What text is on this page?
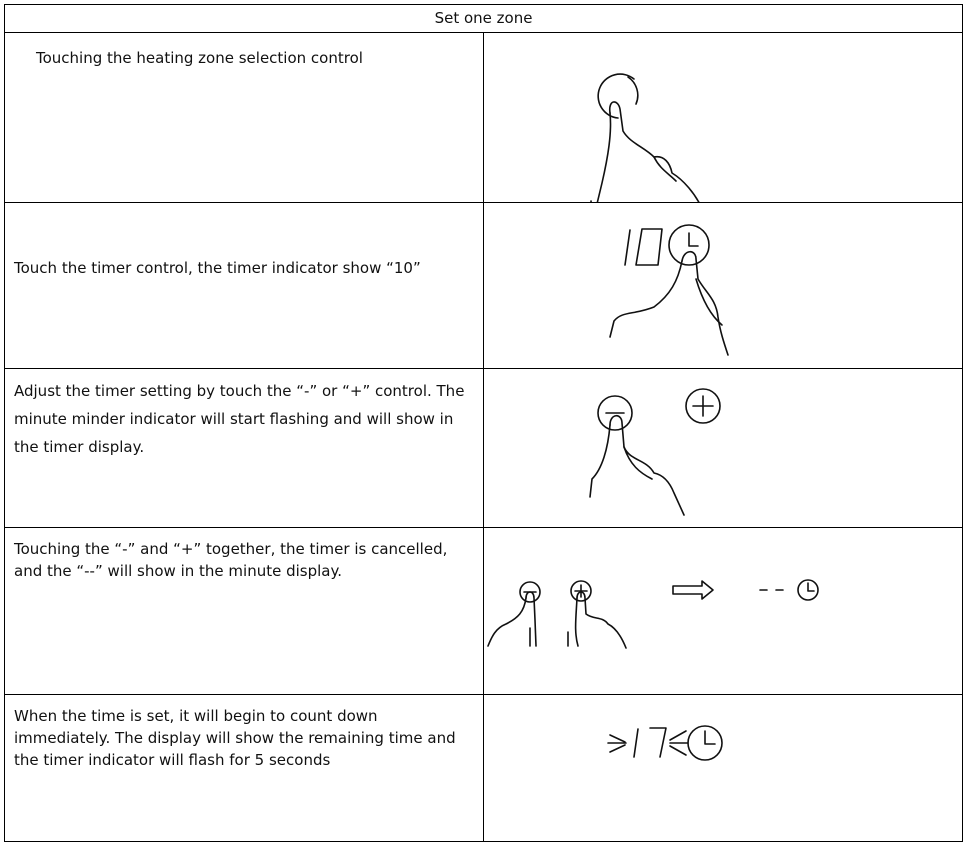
Set one zone	
Touching the heating zone selection control	

Touch the timer control, the timer indicator show “10”	

Adjust the timer setting by touch the “-” or “+” control. The minute minder indicator will start flashing and will show in the timer display.	

Touching the “-” and “+” together, the timer is cancelled, and the “--” will show in the minute display.	

When the time is set, it will begin to count down immediately. The display will show the remaining time and the timer indicator will flash for 5 seconds	
